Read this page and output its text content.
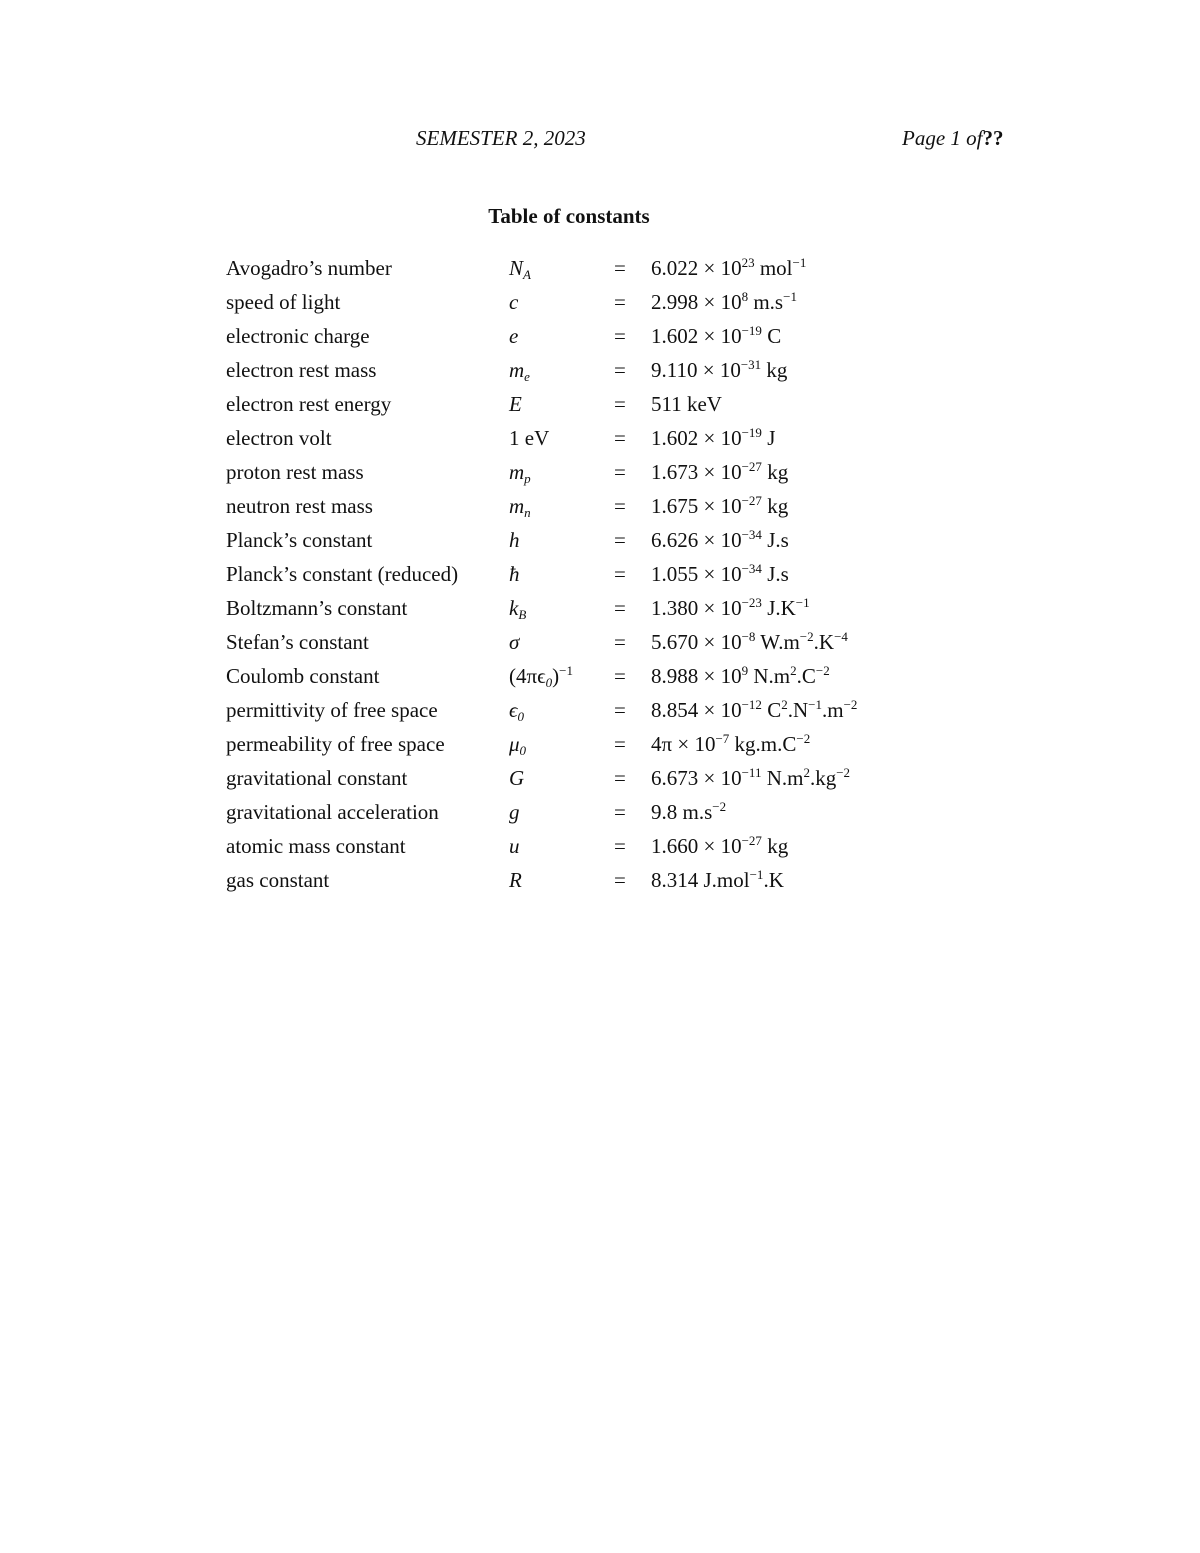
SEMESTER 2, 2023	Page 1 of??
Table of constants
Avogadro’s number	$N_A$	= $6.022 \times 10^{23}$ mol$^{-1}$
speed of light	c	= $2.998 \times 10^8$ $m.s^{-1}$
electronic charge	e	= $1.602 \times 10^{-19}$ C
electron rest mass	$m_e$	= $9.110 \times 10^{-31}$ kg
electron rest energy	E	= 511 keV
electron volt	1 eV	= $1.602 \times 10^{-19}$ J
proton rest mass	$m_p$	= $1.673 \times 10^{-27}$ kg
neutron rest mass	$m_n$	= $1.675 \times 10^{-27}$ kg
Planck’s constant	h	= $6.626 \times 10^{-34}$ J.s
Planck’s constant (reduced) ħ	= $1.055 \times 10^{-34}$ J.s
Boltzmann’s constant	$k_B$	= $1.380 \times 10^{-23}$ $J.K^{-1}$
Stefan’s constant	σ	= $5.670 \times 10^{-8}$ $W.m^{-2}.K^{-4}$
Coulomb constant	$(4\pi\epsilon_0)^{-1} = 8.988 \times 10^9$ $N.m^2.C^{-2}$
permittivity of free space	$\epsilon_0$	= $8.854 \times 10^{-12}$ $C^2.N^{-1}.m^{-2}$
permeability of free space	$\mu_0$	= $4\pi \times 10^{-7}$ $kg.m.C^{-2}$
gravitational constant	G	= $6.673 \times 10^{-11}$ $N.m^2.kg^{-2}$
gravitational acceleration	g	= 9.8 $m.s^{-2}$
atomic mass constant	u	= $1.660 \times 10^{-27}$ kg
gas constant	R	= 8.314 J.mol$^{-1}$.K
